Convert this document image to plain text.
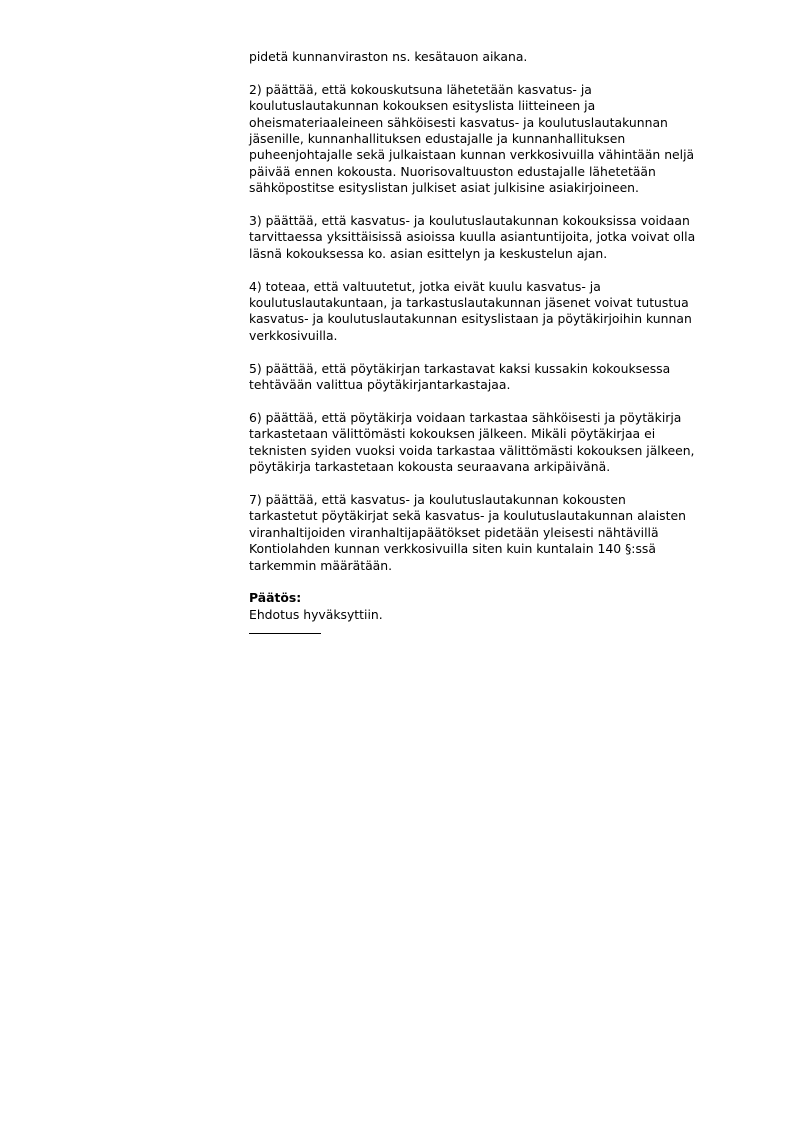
pidetä kunnanviraston ns. kesätauon aikana.
2) päättää, että kokouskutsuna lähetetään kasvatus- ja
koulutuslautakunnan kokouksen esityslista liitteineen ja
oheismateriaaleineen sähköisesti kasvatus- ja koulutuslautakunnan
jäsenille, kunnanhallituksen edustajalle ja kunnanhallituksen
puheenjohtajalle sekä julkaistaan kunnan verkkosivuilla vähintään neljä
päivää ennen kokousta. Nuorisovaltuuston edustajalle lähetetään
sähköpostitse esityslistan julkiset asiat julkisine asiakirjoineen.
3) päättää, että kasvatus- ja koulutuslautakunnan kokouksissa voidaan
tarvittaessa yksittäisissä asioissa kuulla asiantuntijoita, jotka voivat olla
läsnä kokouksessa ko. asian esittelyn ja keskustelun ajan.
4) toteaa, että valtuutetut, jotka eivät kuulu kasvatus- ja
koulutuslautakuntaan, ja tarkastuslautakunnan jäsenet voivat tutustua
kasvatus- ja koulutuslautakunnan esityslistaan ja pöytäkirjoihin kunnan
verkkosivuilla.
5) päättää, että pöytäkirjan tarkastavat kaksi kussakin kokouksessa
tehtävään valittua pöytäkirjantarkastajaa.
6) päättää, että pöytäkirja voidaan tarkastaa sähköisesti ja pöytäkirja
tarkastetaan välittömästi kokouksen jälkeen. Mikäli pöytäkirjaa ei
teknisten syiden vuoksi voida tarkastaa välittömästi kokouksen jälkeen,
pöytäkirja tarkastetaan kokousta seuraavana arkipäivänä.
7) päättää, että kasvatus- ja koulutuslautakunnan kokousten
tarkastetut pöytäkirjat sekä kasvatus- ja koulutuslautakunnan alaisten
viranhaltijoiden viranhaltijapäätökset pidetään yleisesti nähtävillä
Kontiolahden kunnan verkkosivuilla siten kuin kuntalain 140 §:ssä
tarkemmin määrätään.
Päätös:
Ehdotus hyväksyttiin.
